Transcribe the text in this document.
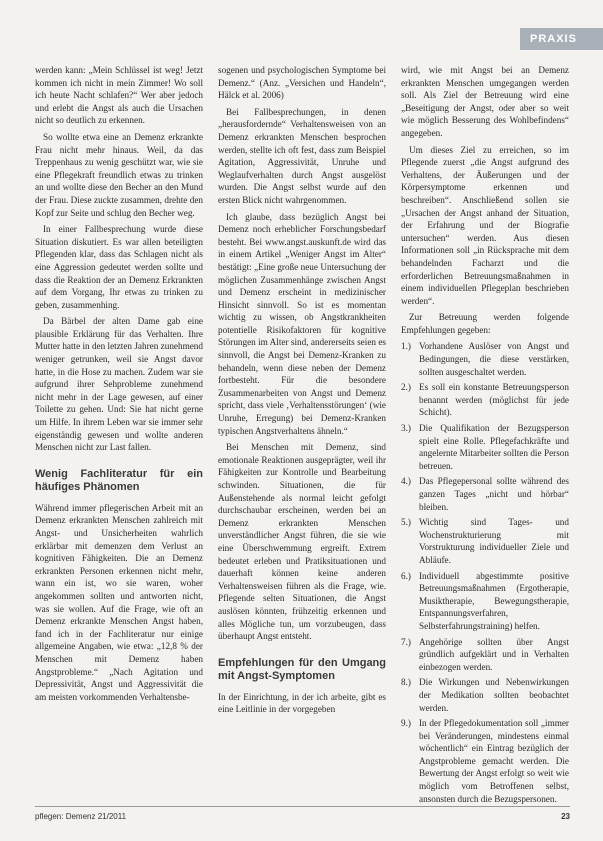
PRAXIS

werden kann: „Mein Schlüssel ist weg! Jetzt kommen ich nicht in mein Zimmer! Wo soll ich heute Nacht schlafen?“ Wer aber jedoch und erlebt die Angst als auch die Ursachen nicht so deutlich zu erkennen.

So wollte etwa eine an Demenz erkrankte Frau nicht mehr hinaus. Weil, da das Treppenhaus zu wenig geschützt war, wie sie eine Pflegekraft freundlich etwas zu trinken an und wollte diese den Becher an den Mund der Frau. Diese zuckte zusammen, drehte den Kopf zur Seite und schlug den Becher weg.

In einer Fallbesprechung wurde diese Situation diskutiert. Es war allen beteiligten Pflegenden klar, dass das Schlagen nicht als eine Aggression gedeutet werden sollte und dass die Reaktion der an Demenz Erkrankten auf dem Vorgang, Ihr etwas zu trinken zu geben, zusammenhing.

Da Bärbel der alten Dame gab eine plausible Erklärung für das Verhalten. Ihre Mutter hatte in den letzten Jahren zunehmend weniger getrunken, weil sie Angst davor hatte, in die Hose zu machen. Zudem war sie aufgrund ihrer Sehprobleme zunehmend nicht mehr in der Lage gewesen, auf einer Toilette zu gehen. Und: Sie hat nicht gerne um Hilfe. In ihrem Leben war sie immer sehr eigenständig gewesen und wollte anderen Menschen nicht zur Last fallen.

Wenig Fachliteratur für ein häufiges Phänomen

Während immer pflegerischen Arbeit mit an Demenz erkrankten Menschen zahlreich mit Angst- und Unsicherheiten wahrlich erklärbar mit demenzen dem Verlust an kognitiven Fähigkeiten. Die an Demenz erkrankten Personen erkennen nicht mehr, wann ein ist, wo sie waren, woher angekommen sollten und antworten nicht, was sie wollen. Auf die Frage, wie oft an Demenz erkrankte Menschen Angst haben, fand ich in der Fachliteratur nur einige allgemeine Angaben, wie etwa: „12,8 % der Menschen mit Demenz haben Angstprobleme.“ „Nach Agitation und Depressivität, Angst und Aggressivität die am meisten vorkommenden Verhaltensbe-

sogenen und psychologischen Symptome bei Demenz.“ (Anz. „Versichen und Handeln“, Hälck et al. 2006)

Bei Fallbesprechungen, in denen „herausfordernde“ Verhaltensweisen von an Demenz erkrankten Menschen besprochen werden, stellte ich oft fest, dass zum Beispiel Agitation, Aggressivität, Unruhe und Weglaufverhalten durch Angst ausgelöst wurden. Die Angst selbst wurde auf den ersten Blick nicht wahrgenommen.

Ich glaube, dass bezüglich Angst bei Demenz noch erheblicher Forschungsbedarf besteht. Bei www.angst.auskunft.de wird das in einem Artikel „Weniger Angst im Alter“ bestätigt: „Eine große neue Untersuchung der möglichen Zusammenhänge zwischen Angst und Demenz erscheint in medizinischer Hinsicht sinnvoll. So ist es momentan wichtig zu wissen, ob Angstkrankheiten potentielle Risikofaktoren für kognitive Störungen im Alter sind, andererseits seien es sinnvoll, die Angst bei Demenz-Kranken zu behandeln, wenn diese neben der Demenz fortbesteht. Für die besondere Zusammenarbeiten von Angst und Demenz spricht, dass viele ‚Verhaltensstörungen‘ (wie Unruhe, Erregung) bei Demenz-Kranken typischen Angstverhaltens ähneln.“

Bei Menschen mit Demenz, sind emotionale Reaktionen ausgeprägter, weil ihr Fähigkeiten zur Kontrolle und Bearbeitung schwinden. Situationen, die für Außenstehende als normal leicht gefolgt durchschaubar erscheinen, werden bei an Demenz erkrankten Menschen unverständlicher Angst führen, die sie wie eine Überschwemmung ergreift. Extrem bedeutet erleben und Pratiksituationen und dauerhaft können keine anderen Verhaltensweisen führen als die Frage, wie. Pflegende selten Situationen, die Angst auslösen könnten, frühzeitig erkennen und alles Mögliche tun, um vorzubeugen, dass überhaupt Angst entsteht.

Empfehlungen für den Umgang mit Angst-Symptomen

In der Einrichtung, in der ich arbeite, gibt es eine Leitlinie in der vorgegeben

wird, wie mit Angst bei an Demenz erkrankten Menschen umgegangen werden soll. Als Ziel der Betreuung wird eine „Beseitigung der Angst, oder aber so weit wie möglich Besserung des Wohlbefindens“ angegeben.

Um dieses Ziel zu erreichen, so im Pflegende zuerst „die Angst aufgrund des Verhaltens, der Äußerungen und der Körpersymptome erkennen und beschreiben“. Anschließend sollen sie „Ursachen der Angst anhand der Situation, der Erfahrung und der Biografie untersuchen“ werden. Aus diesen Informationen soll „in Rücksprache mit dem behandelnden Facharzt und die erforderlichen Betreuungsmaßnahmen in einem individuellen Pflegeplan beschrieben werden“.

Zur Betreuung werden folgende Empfehlungen gegeben:

1.) Vorhandene Auslöser von Angst und Bedingungen, die diese verstärken, sollten ausgeschaltet werden.
2.) Es soll ein konstante Betreuungsperson benannt werden (möglichst für jede Schicht).
3.) Die Qualifikation der Bezugsperson spielt eine Rolle. Pflegefachkräfte und angelernte Mitarbeiter sollten die Person betreuen.
4.) Das Pflegepersonal sollte während des ganzen Tages „nicht und hörbar“ bleiben.
5.) Wichtig sind Tages- und Wochenstrukturierung mit Vorstrukturung individueller Ziele und Abläufe.
6.) Individuell abgestimmte positive Betreuungsmaßnahmen (Ergotherapie, Musiktherapie, Bewegungstherapie, Entspannungsverfahren, Selbsterfahrungstraining) helfen.
7.) Angehörige sollten über Angst gründlich aufgeklärt und in Verhalten einbezogen werden.
8.) Die Wirkungen und Nebenwirkungen der Medikation sollten beobachtet werden.
9.) In der Pflegedokumentation soll „immer bei Veränderungen, mindestens einmal wöchentlich“ ein Eintrag bezüglich der Angstprobleme gemacht werden. Die Bewertung der Angst erfolgt so weit wie möglich vom Betroffenen selbst, ansonsten durch die Bezugspersonen.
pflegen: Demenz 21/2011	23
